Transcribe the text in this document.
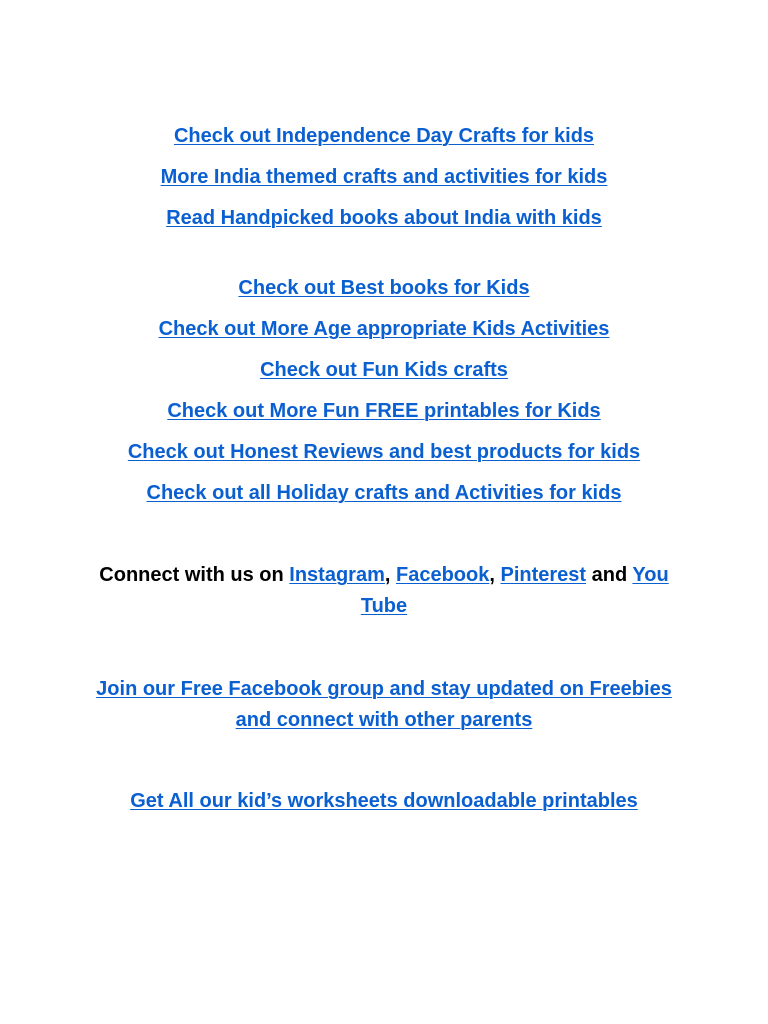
Check out Independence Day Crafts for kids
More India themed crafts and activities for kids
Read Handpicked books about India with kids
Check out Best books for Kids
Check out More Age appropriate Kids Activities
Check out Fun Kids crafts
Check out More Fun FREE printables for Kids
Check out Honest Reviews and best products for kids
Check out all Holiday crafts and Activities for kids
Connect with us on Instagram, Facebook, Pinterest and You
Tube
Join our Free Facebook group and stay updated on Freebies
and connect with other parents
Get All our kid’s worksheets downloadable printables
